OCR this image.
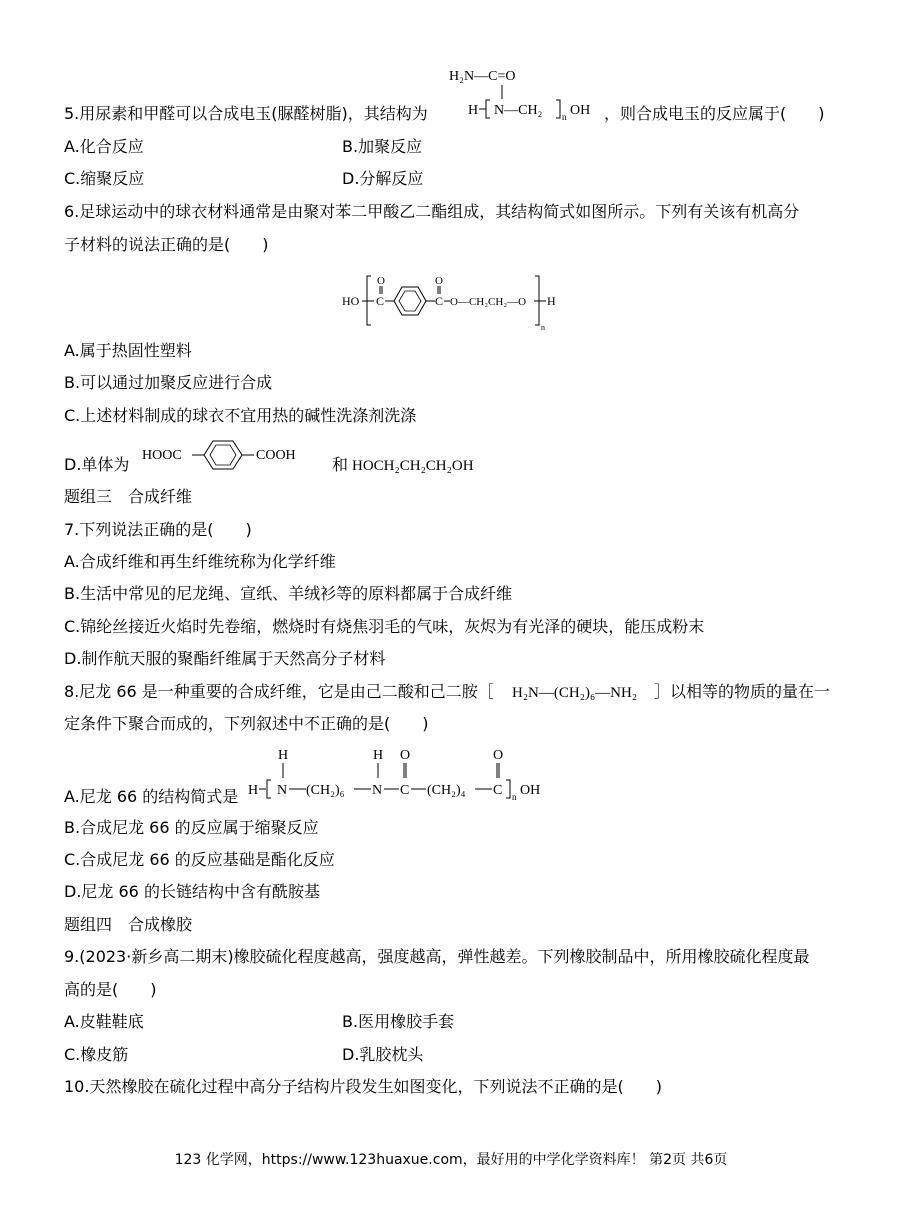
5.用尿素和甲醛可以合成电玉(脲醛树脂)，其结构为
H₂N—C=O
H N—CH₂ n OH ，则合成电玉的反应属于(　　)
A.化合反应	B.加聚反应
C.缩聚反应	D.分解反应
6.足球运动中的球衣材料通常是由聚对苯二甲酸乙二酯组成，其结构简式如图所示。下列有关该有机高分
子材料的说法正确的是(　　)
HO
O
C
O
C O—CH₂CH₂—O H
n
A.属于热固性塑料
B.可以通过加聚反应进行合成
C.上述材料制成的球衣不宜用热的碱性洗涤剂洗涤
D.单体为 HOOC	COOH 和 HOCH₂CH₂CH₂OH
题组三　合成纤维
7.下列说法正确的是(　　)
A.合成纤维和再生纤维统称为化学纤维
B.生活中常见的尼龙绳、宣纸、羊绒衫等的原料都属于合成纤维
C.锦纶丝接近火焰时先卷缩，燃烧时有烧焦羽毛的气味，灰烬为有光泽的硬块，能压成粉末
D.制作航天服的聚酯纤维属于天然高分子材料
8.尼龙 66 是一种重要的合成纤维，它是由己二酸和己二胺［ H₂N—(CH₂)₆—NH₂ ］以相等的物质的量在一
定条件下聚合而成的，下列叙述中不正确的是(　　)
A.尼龙 66 的结构简式是
H	H O	O
H N (CH₂)₆ N C (CH₂)₄ C n OH
B.合成尼龙 66 的反应属于缩聚反应
C.合成尼龙 66 的反应基础是酯化反应
D.尼龙 66 的长链结构中含有酰胺基
题组四　合成橡胶
9.(2023·新乡高二期末)橡胶硫化程度越高，强度越高，弹性越差。下列橡胶制品中，所用橡胶硫化程度最
高的是(　　)
A.皮鞋鞋底	B.医用橡胶手套
C.橡皮筋	D.乳胶枕头
10.天然橡胶在硫化过程中高分子结构片段发生如图变化，下列说法不正确的是(　　)
123 化学网，https://www.123huaxue.com，最好用的中学化学资料库！ 第2页 共6页
